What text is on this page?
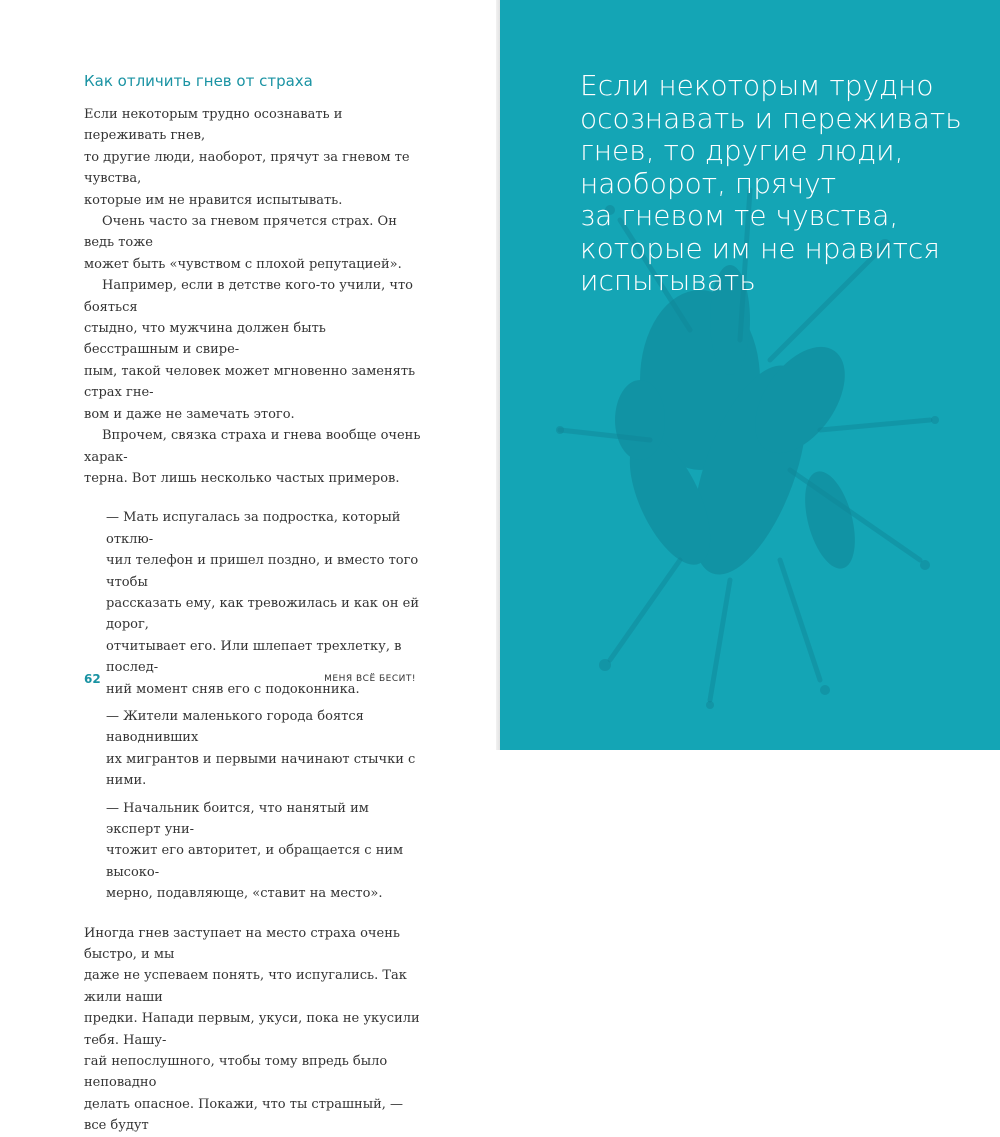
Как отличить гнев от страха

Если некоторым трудно осознавать и переживать гнев,
то другие люди, наоборот, прячут за гневом те чувства,
которые им не нравится испытывать.

Очень часто за гневом прячется страх. Он ведь тоже
может быть «чувством с плохой репутацией».

Например, если в детстве кого-то учили, что бояться
стыдно, что мужчина должен быть бесстрашным и свире-
пым, такой человек может мгновенно заменять страх гне-
вом и даже не замечать этого.

Впрочем, связка страха и гнева вообще очень харак-
терна. Вот лишь несколько частых примеров.

— Мать испугалась за подростка, который отклю-
чил телефон и пришел поздно, и вместо того чтобы
рассказать ему, как тревожилась и как он ей дорог,
отчитывает его. Или шлепает трехлетку, в послед-
ний момент сняв его с подоконника.

— Жители маленького города боятся наводнивших
их мигрантов и первыми начинают стычки с ними.

— Начальник боится, что нанятый им эксперт уни-
чтожит его авторитет, и обращается с ним высоко-
мерно, подавляюще, «ставит на место».

Иногда гнев заступает на место страха очень быстро, и мы
даже не успеваем понять, что испугались. Так жили наши
предки. Напади первым, укуси, пока не укусили тебя. Нашу-
гай непослушного, чтобы тому впредь было неповадно
делать опасное. Покажи, что ты страшный, — все будут

62	МЕНЯ ВСЁ БЕСИТ!
Если некоторым трудно
осознавать и переживать
гнев, то другие люди,
наоборот, прячут
за гневом те чувства,
которые им не нравится
испытывать
